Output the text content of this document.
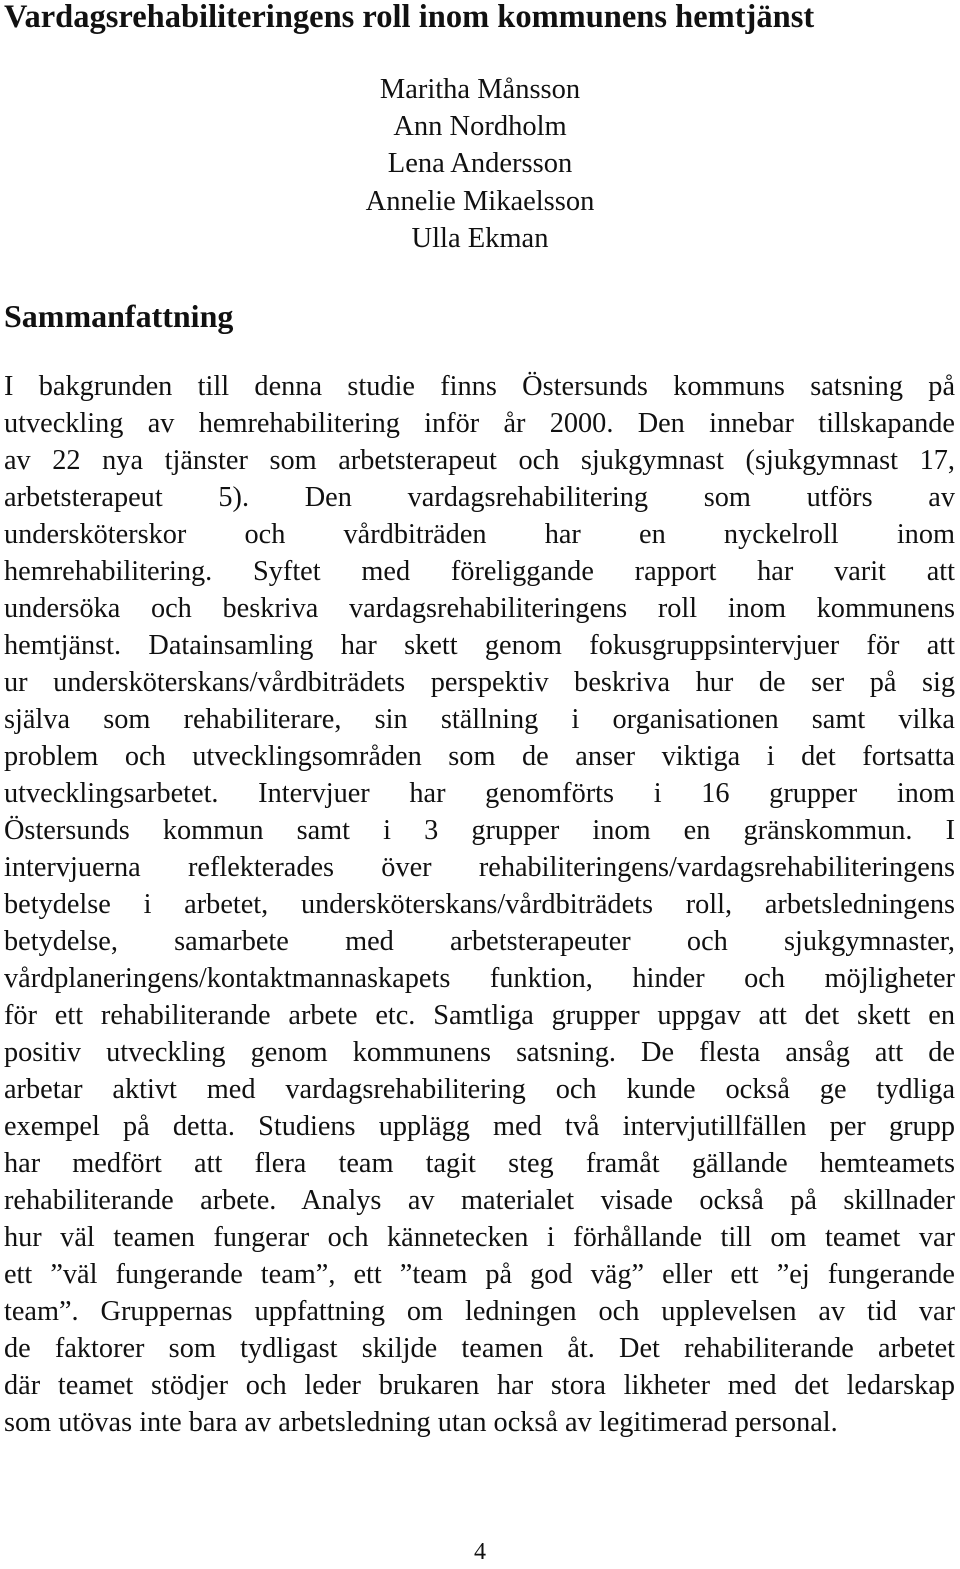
Vardagsrehabiliteringens roll inom kommunens hemtjänst
Maritha Månsson
Ann Nordholm
Lena Andersson
Annelie Mikaelsson
Ulla Ekman
Sammanfattning
I bakgrunden till denna studie finns Östersunds kommuns satsning på
utveckling av hemrehabilitering inför år 2000. Den innebar tillskapande
av 22 nya tjänster som arbetsterapeut och sjukgymnast (sjukgymnast 17,
arbetsterapeut 5). Den vardagsrehabilitering som utförs av
undersköterskor och vårdbiträden har en nyckelroll inom
hemrehabilitering. Syftet med föreliggande rapport har varit att
undersöka och beskriva vardagsrehabiliteringens roll inom kommunens
hemtjänst. Datainsamling har skett genom fokusgruppsintervjuer för att
ur undersköterskans/vårdbiträdets perspektiv beskriva hur de ser på sig
själva som rehabiliterare, sin ställning i organisationen samt vilka
problem och utvecklingsområden som de anser viktiga i det fortsatta
utvecklingsarbetet. Intervjuer har genomförts i 16 grupper inom
Östersunds kommun samt i 3 grupper inom en gränskommun. I
intervjuerna reflekterades över rehabiliteringens/vardagsrehabiliteringens
betydelse i arbetet, undersköterskans/vårdbiträdets roll, arbetsledningens
betydelse, samarbete med arbetsterapeuter och sjukgymnaster,
vårdplaneringens/kontaktmannaskapets funktion, hinder och möjligheter
för ett rehabiliterande arbete etc. Samtliga grupper uppgav att det skett en
positiv utveckling genom kommunens satsning. De flesta ansåg att de
arbetar aktivt med vardagsrehabilitering och kunde också ge tydliga
exempel på detta. Studiens upplägg med två intervjutillfällen per grupp
har medfört att flera team tagit steg framåt gällande hemteamets
rehabiliterande arbete. Analys av materialet visade också på skillnader
hur väl teamen fungerar och kännetecken i förhållande till om teamet var
ett ”väl fungerande team”, ett ”team på god väg” eller ett ”ej fungerande
team”. Gruppernas uppfattning om ledningen och upplevelsen av tid var
de faktorer som tydligast skiljde teamen åt. Det rehabiliterande arbetet
där teamet stödjer och leder brukaren har stora likheter med det ledarskap
som utövas inte bara av arbetsledning utan också av legitimerad personal.
4
